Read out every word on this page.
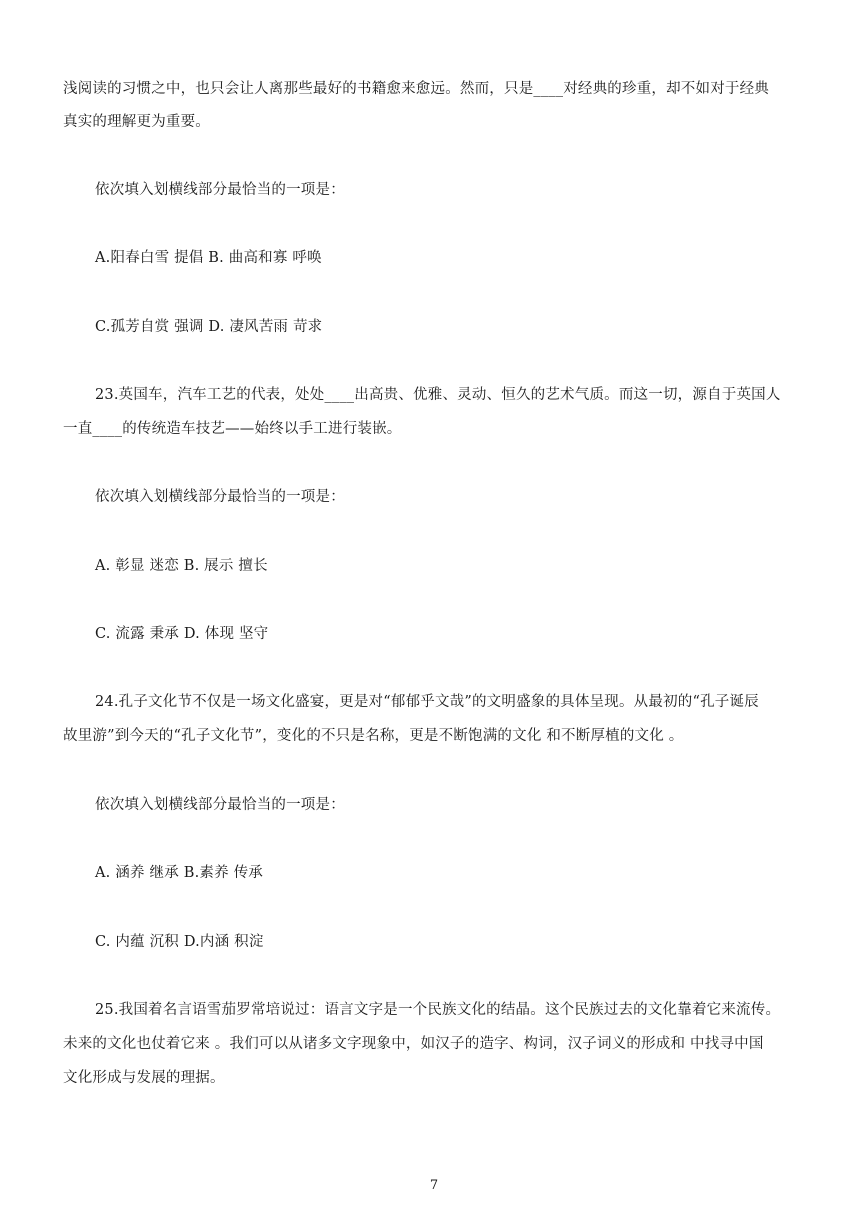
浅阅读的习惯之中，也只会让人离那些最好的书籍愈来愈远。然而，只是____对经典的珍重，却不如对于经典
真实的理解更为重要。
依次填入划横线部分最恰当的一项是：
A.阳春白雪 提倡 B. 曲高和寡 呼唤
C.孤芳自赏 强调 D. 凄风苦雨 苛求
23.英国车，汽车工艺的代表，处处____出高贵、优雅、灵动、恒久的艺术气质。而这一切，源自于英国人
一直____的传统造车技艺——始终以手工进行装嵌。
依次填入划横线部分最恰当的一项是：
A. 彰显 迷恋 B. 展示 擅长
C. 流露 秉承 D. 体现 坚守
24.孔子文化节不仅是一场文化盛宴，更是对“郁郁乎文哉”的文明盛象的具体呈现。从最初的“孔子诞辰
故里游”到今天的“孔子文化节”，变化的不只是名称，更是不断饱满的文化 和不断厚植的文化 。
依次填入划横线部分最恰当的一项是：
A. 涵养 继承 B.素养 传承
C. 内蕴 沉积 D.内涵 积淀
25.我国着名言语雪茄罗常培说过：语言文字是一个民族文化的结晶。这个民族过去的文化靠着它来流传。
未来的文化也仗着它来 。我们可以从诸多文字现象中，如汉子的造字、构词，汉子词义的形成和 中找寻中国
文化形成与发展的理据。
7
